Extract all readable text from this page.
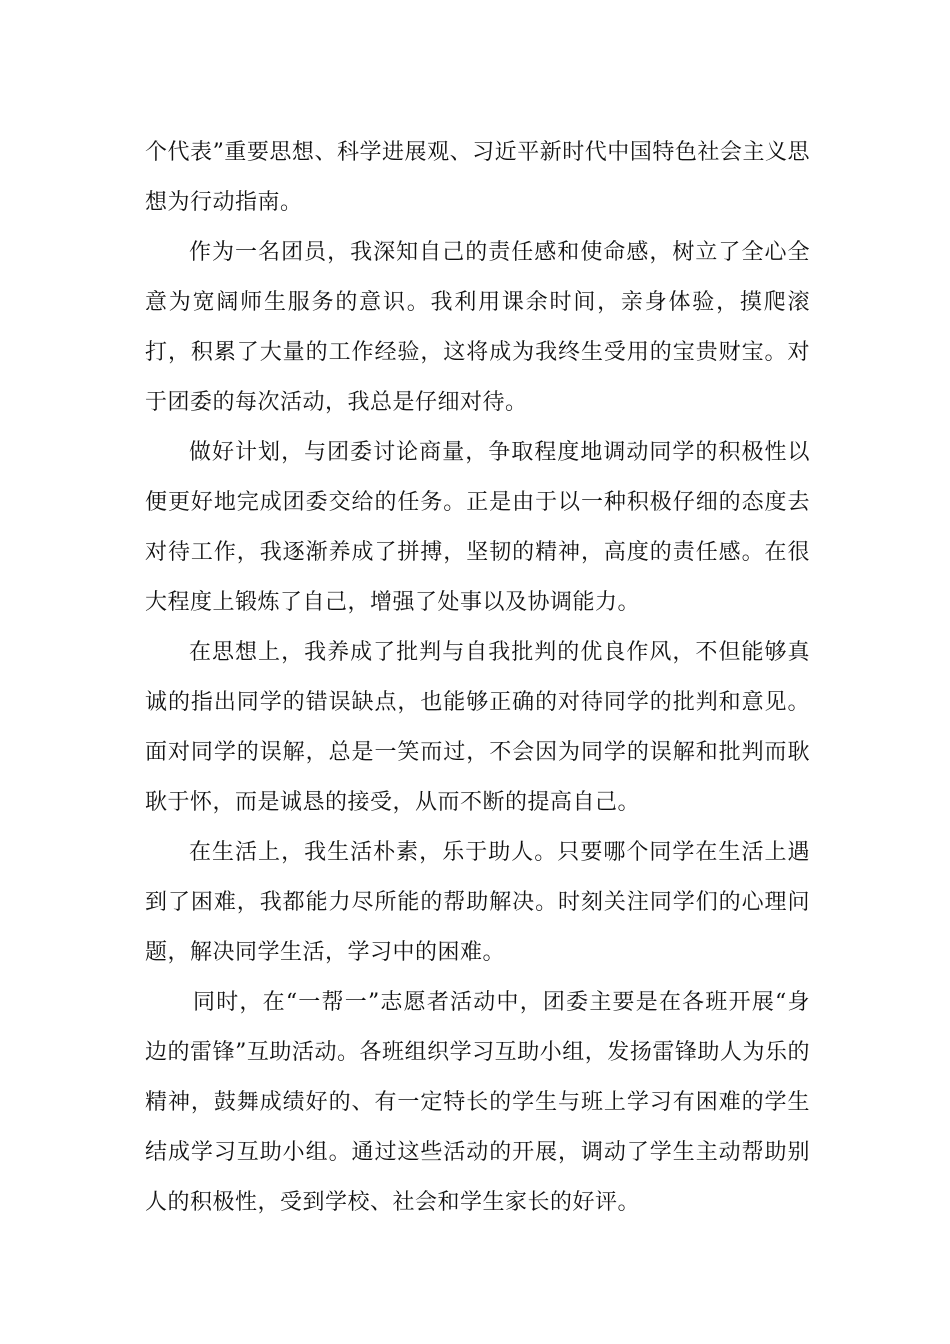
个代表”重要思想、科学进展观、习近平新时代中国特色社会主义思想为行动指南。

作为一名团员，我深知自己的责任感和使命感，树立了全心全意为宽阔师生服务的意识。我利用课余时间，亲身体验，摸爬滚打，积累了大量的工作经验，这将成为我终生受用的宝贵财宝。对于团委的每次活动，我总是仔细对待。

做好计划，与团委讨论商量，争取程度地调动同学的积极性以便更好地完成团委交给的任务。正是由于以一种积极仔细的态度去对待工作，我逐渐养成了拼搏，坚韧的精神，高度的责任感。在很大程度上锻炼了自己，增强了处事以及协调能力。

在思想上，我养成了批判与自我批判的优良作风，不但能够真诚的指出同学的错误缺点，也能够正确的对待同学的批判和意见。面对同学的误解，总是一笑而过，不会因为同学的误解和批判而耿耿于怀，而是诚恳的接受，从而不断的提高自己。

在生活上，我生活朴素，乐于助人。只要哪个同学在生活上遇到了困难，我都能力尽所能的帮助解决。时刻关注同学们的心理问题，解决同学生活，学习中的困难。

同时，在“一帮一”志愿者活动中，团委主要是在各班开展“身边的雷锋”互助活动。各班组织学习互助小组，发扬雷锋助人为乐的精神，鼓舞成绩好的、有一定特长的学生与班上学习有困难的学生结成学习互助小组。通过这些活动的开展，调动了学生主动帮助别人的积极性，受到学校、社会和学生家长的好评。
